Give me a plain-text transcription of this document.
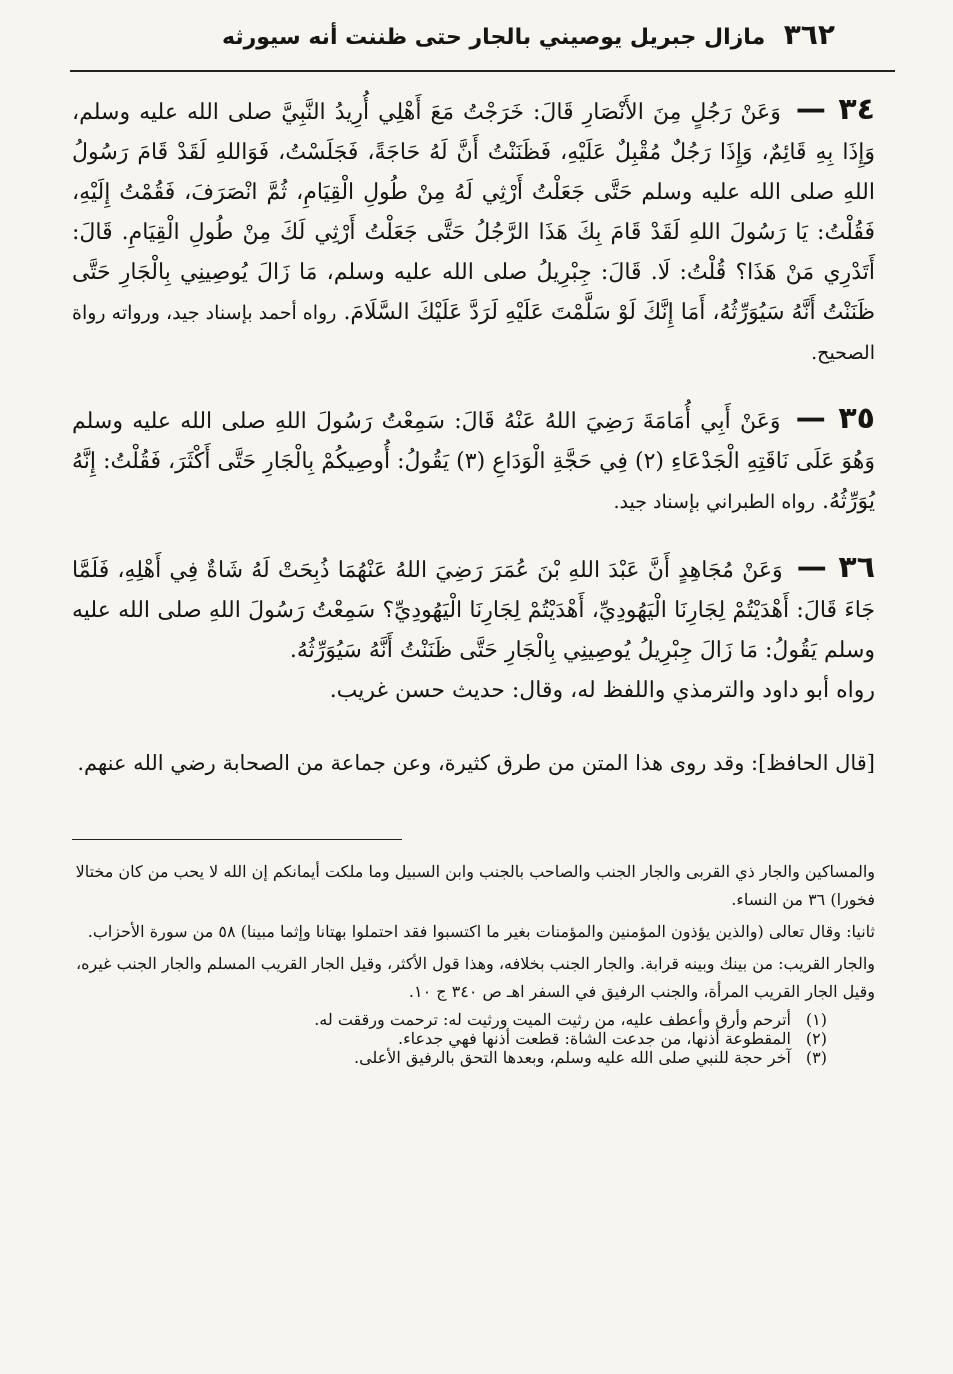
٣٦٢
مازال جبريل يوصيني بالجار حتى ظننت أنه سيورثه

٣٤ — وَعَنْ رَجُلٍ مِنَ الأَنْصَارِ قَالَ: خَرَجْتُ مَعَ أَهْلِي أُرِيدُ النَّبِيَّ صلى الله عليه وسلم، وَإِذَا بِهِ قَائِمٌ، وَإِذَا رَجُلٌ مُقْبِلٌ عَلَيْهِ، فَظَنَنْتُ أَنَّ لَهُ حَاجَةً، فَجَلَسْتُ، فَوَاللهِ لَقَدْ قَامَ رَسُولُ اللهِ صلى الله عليه وسلم حَتَّى جَعَلْتُ أَرْثِي لَهُ مِنْ طُولِ الْقِيَامِ، ثُمَّ انْصَرَفَ، فَقُمْتُ إِلَيْهِ، فَقُلْتُ: يَا رَسُولَ اللهِ لَقَدْ قَامَ بِكَ هَذَا الرَّجُلُ حَتَّى جَعَلْتُ أَرْثِي لَكَ مِنْ طُولِ الْقِيَامِ. قَالَ: أَتَدْرِي مَنْ هَذَا؟ قُلْتُ: لَا. قَالَ: جِبْرِيلُ صلى الله عليه وسلم، مَا زَالَ يُوصِينِي بِالْجَارِ حَتَّى ظَنَنْتُ أَنَّهُ سَيُوَرِّثُهُ، أَمَا إِنَّكَ لَوْ سَلَّمْتَ عَلَيْهِ لَرَدَّ عَلَيْكَ السَّلَامَ. رواه أحمد بإسناد جيد، ورواته رواة الصحيح.

٣٥ — وَعَنْ أَبِي أُمَامَةَ رَضِيَ اللهُ عَنْهُ قَالَ: سَمِعْتُ رَسُولَ اللهِ صلى الله عليه وسلم وَهُوَ عَلَى نَاقَتِهِ الْجَدْعَاءِ (٢) فِي حَجَّةِ الْوَدَاعِ (٣) يَقُولُ: أُوصِيكُمْ بِالْجَارِ حَتَّى أَكْثَرَ، فَقُلْتُ: إِنَّهُ يُوَرِّثُهُ. رواه الطبراني بإسناد جيد.

٣٦ — وَعَنْ مُجَاهِدٍ أَنَّ عَبْدَ اللهِ بْنَ عُمَرَ رَضِيَ اللهُ عَنْهُمَا ذُبِحَتْ لَهُ شَاةٌ فِي أَهْلِهِ، فَلَمَّا جَاءَ قَالَ: أَهْدَيْتُمْ لِجَارِنَا الْيَهُودِيِّ، أَهْدَيْتُمْ لِجَارِنَا الْيَهُودِيِّ؟ سَمِعْتُ رَسُولَ اللهِ صلى الله عليه وسلم يَقُولُ: مَا زَالَ جِبْرِيلُ يُوصِينِي بِالْجَارِ حَتَّى ظَنَنْتُ أَنَّهُ سَيُوَرِّثُهُ.

رواه أبو داود والترمذي واللفظ له، وقال: حديث حسن غريب.

[قال الحافظ]: وقد روى هذا المتن من طرق كثيرة، وعن جماعة من الصحابة رضي الله عنهم.

والمساكين والجار ذي القربى والجار الجنب والصاحب بالجنب وابن السبيل وما ملكت أيمانكم إن الله لا يحب من كان مختالا فخورا) ٣٦ من النساء.

ثانيا: وقال تعالى (والذين يؤذون المؤمنين والمؤمنات بغير ما اكتسبوا فقد احتملوا بهتانا وإثما مبينا) ٥٨ من سورة الأحزاب.

والجار القريب: من بينك وبينه قرابة. والجار الجنب بخلافه، وهذا قول الأكثر، وقيل الجار القريب المسلم والجار الجنب غيره، وقيل الجار القريب المرأة، والجنب الرفيق في السفر اهـ ص ٣٤٠ ج ١٠.

(١)
أترحم وأرق وأعطف عليه، من رثيت الميت ورثيت له: ترحمت ورققت له.
(٢)
المقطوعة أذنها، من جدعت الشاة: قطعت أذنها فهي جدعاء.
(٣)
آخر حجة للنبي صلى الله عليه وسلم، وبعدها التحق بالرفيق الأعلى.
